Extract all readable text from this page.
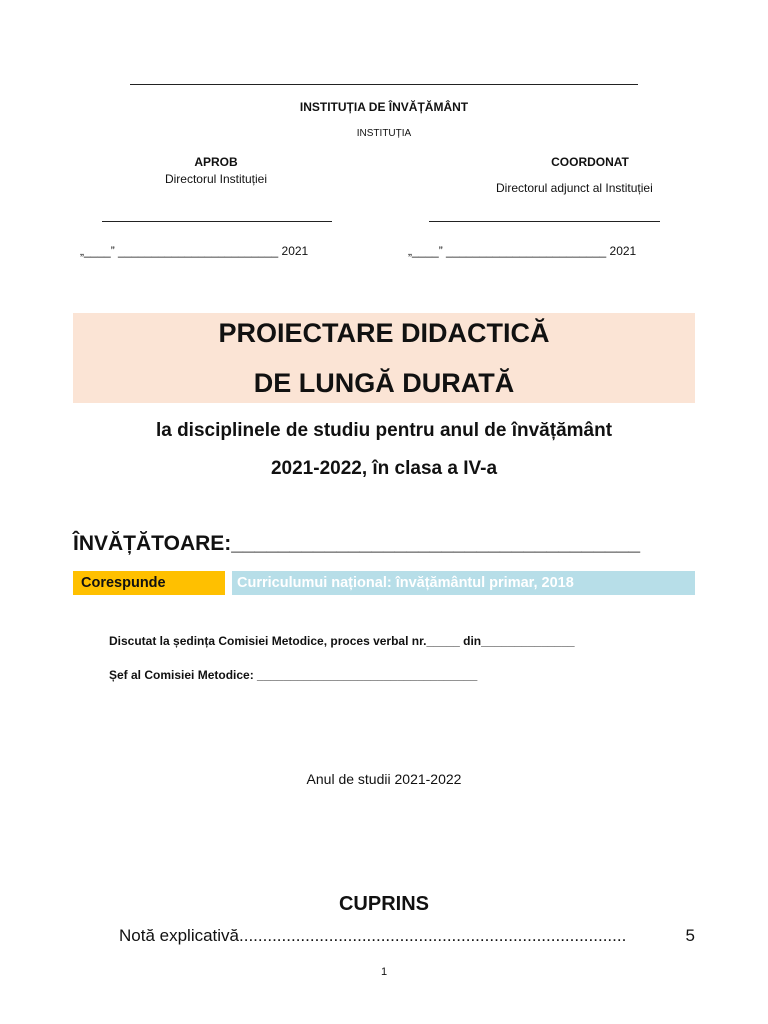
INSTITUȚIA DE ÎNVĂȚĂMÂNT
INSTITUȚIA
APROB
Directorul Instituției
„____” ________________________ 2021
COORDONAT
Directorul adjunct al Instituției
„____” ________________________ 2021
PROIECTARE DIDACTICĂ
DE LUNGĂ DURATĂ
la disciplinele de studiu pentru anul de învățământ
2021-2022, în clasa a IV-a
ÎNVĂȚĂTOARE:___________________________________
Corespunde	Curriculumui național: învățământul primar, 2018
Discutat la ședința Comisiei Metodice, proces verbal nr._____ din______________
Șef al Comisiei Metodice: _________________________________
Anul de studii 2021-2022
CUPRINS
Notă explicativă ..................................................................................	5
1
